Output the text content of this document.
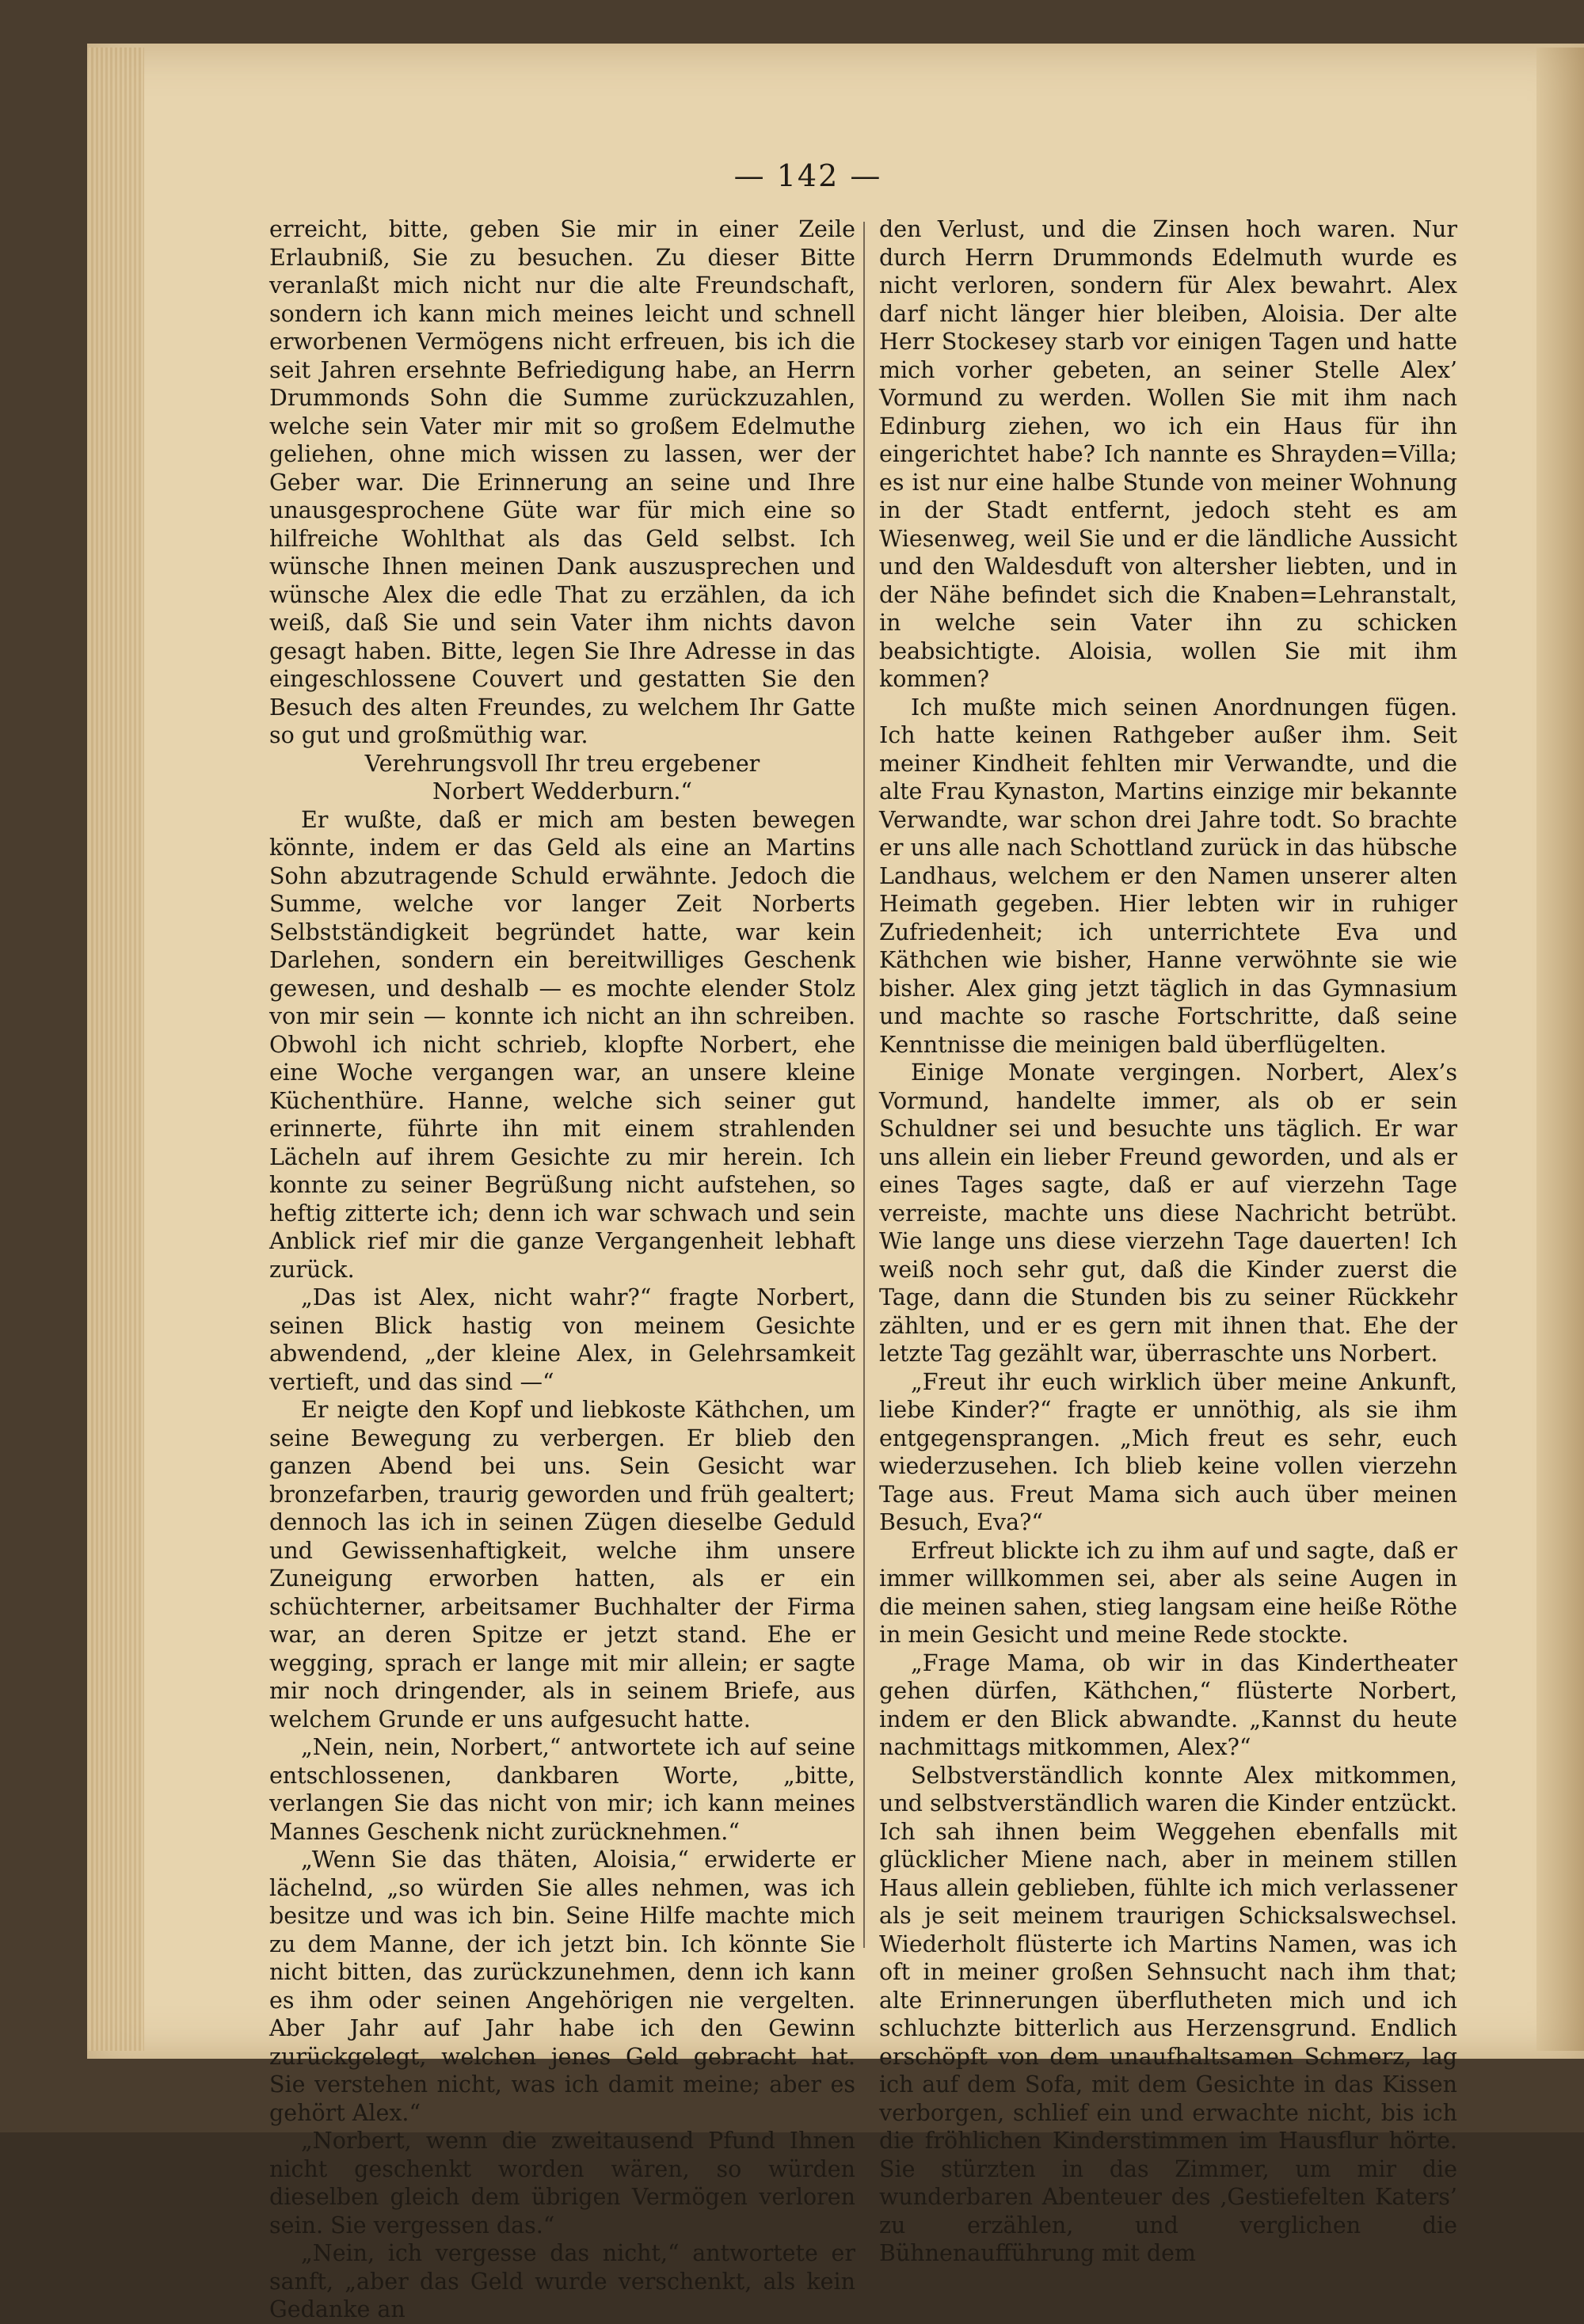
— 142 —

erreicht, bitte, geben Sie mir in einer Zeile Erlaubniß, Sie zu besuchen. Zu dieser Bitte veranlaßt mich nicht nur die alte Freundschaft, sondern ich kann mich meines leicht und schnell erworbenen Vermögens nicht erfreuen, bis ich die seit Jahren ersehnte Befriedigung habe, an Herrn Drummonds Sohn die Summe zurückzuzahlen, welche sein Vater mir mit so großem Edelmuthe geliehen, ohne mich wissen zu lassen, wer der Geber war. Die Erinnerung an seine und Ihre unausgesprochene Güte war für mich eine so hilfreiche Wohlthat als das Geld selbst. Ich wünsche Ihnen meinen Dank auszusprechen und wünsche Alex die edle That zu erzählen, da ich weiß, daß Sie und sein Vater ihm nichts davon gesagt haben. Bitte, legen Sie Ihre Adresse in das eingeschlossene Couvert und gestatten Sie den Besuch des alten Freundes, zu welchem Ihr Gatte so gut und großmüthig war.

Verehrungsvoll Ihr treu ergebener

Norbert Wedderburn.“

Er wußte, daß er mich am besten bewegen könnte, indem er das Geld als eine an Martins Sohn abzutragende Schuld erwähnte. Jedoch die Summe, welche vor langer Zeit Norberts Selbstständigkeit begründet hatte, war kein Darlehen, sondern ein bereitwilliges Geschenk gewesen, und deshalb — es mochte elender Stolz von mir sein — konnte ich nicht an ihn schreiben. Obwohl ich nicht schrieb, klopfte Norbert, ehe eine Woche vergangen war, an unsere kleine Küchenthüre. Hanne, welche sich seiner gut erinnerte, führte ihn mit einem strahlenden Lächeln auf ihrem Gesichte zu mir herein. Ich konnte zu seiner Begrüßung nicht aufstehen, so heftig zitterte ich; denn ich war schwach und sein Anblick rief mir die ganze Vergangenheit lebhaft zurück.

„Das ist Alex, nicht wahr?“ fragte Norbert, seinen Blick hastig von meinem Gesichte abwendend, „der kleine Alex, in Gelehrsamkeit vertieft, und das sind —“

Er neigte den Kopf und liebkoste Käthchen, um seine Bewegung zu verbergen. Er blieb den ganzen Abend bei uns. Sein Gesicht war bronzefarben, traurig geworden und früh gealtert; dennoch las ich in seinen Zügen dieselbe Geduld und Gewissenhaftigkeit, welche ihm unsere Zuneigung erworben hatten, als er ein schüchterner, arbeitsamer Buchhalter der Firma war, an deren Spitze er jetzt stand. Ehe er wegging, sprach er lange mit mir allein; er sagte mir noch dringender, als in seinem Briefe, aus welchem Grunde er uns aufgesucht hatte.

„Nein, nein, Norbert,“ antwortete ich auf seine entschlossenen, dankbaren Worte, „bitte, verlangen Sie das nicht von mir; ich kann meines Mannes Geschenk nicht zurücknehmen.“

„Wenn Sie das thäten, Aloisia,“ erwiderte er lächelnd, „so würden Sie alles nehmen, was ich besitze und was ich bin. Seine Hilfe machte mich zu dem Manne, der ich jetzt bin. Ich könnte Sie nicht bitten, das zurückzunehmen, denn ich kann es ihm oder seinen Angehörigen nie vergelten. Aber Jahr auf Jahr habe ich den Gewinn zurückgelegt, welchen jenes Geld gebracht hat. Sie verstehen nicht, was ich damit meine; aber es gehört Alex.“

„Norbert, wenn die zweitausend Pfund Ihnen nicht geschenkt worden wären, so würden dieselben gleich dem übrigen Vermögen verloren sein. Sie vergessen das.“

„Nein, ich vergesse das nicht,“ antwortete er sanft, „aber das Geld wurde verschenkt, als kein Gedanke an

den Verlust, und die Zinsen hoch waren. Nur durch Herrn Drummonds Edelmuth wurde es nicht verloren, sondern für Alex bewahrt. Alex darf nicht länger hier bleiben, Aloisia. Der alte Herr Stockesey starb vor einigen Tagen und hatte mich vorher gebeten, an seiner Stelle Alex’ Vormund zu werden. Wollen Sie mit ihm nach Edinburg ziehen, wo ich ein Haus für ihn eingerichtet habe? Ich nannte es Shrayden=Villa; es ist nur eine halbe Stunde von meiner Wohnung in der Stadt entfernt, jedoch steht es am Wiesenweg, weil Sie und er die ländliche Aussicht und den Waldesduft von altersher liebten, und in der Nähe befindet sich die Knaben=Lehranstalt, in welche sein Vater ihn zu schicken beabsichtigte. Aloisia, wollen Sie mit ihm kommen?

Ich mußte mich seinen Anordnungen fügen. Ich hatte keinen Rathgeber außer ihm. Seit meiner Kindheit fehlten mir Verwandte, und die alte Frau Kynaston, Martins einzige mir bekannte Verwandte, war schon drei Jahre todt. So brachte er uns alle nach Schottland zurück in das hübsche Landhaus, welchem er den Namen unserer alten Heimath gegeben. Hier lebten wir in ruhiger Zufriedenheit; ich unterrichtete Eva und Käthchen wie bisher, Hanne verwöhnte sie wie bisher. Alex ging jetzt täglich in das Gymnasium und machte so rasche Fortschritte, daß seine Kenntnisse die meinigen bald überflügelten.

Einige Monate vergingen. Norbert, Alex’s Vormund, handelte immer, als ob er sein Schuldner sei und besuchte uns täglich. Er war uns allein ein lieber Freund geworden, und als er eines Tages sagte, daß er auf vierzehn Tage verreiste, machte uns diese Nachricht betrübt. Wie lange uns diese vierzehn Tage dauerten! Ich weiß noch sehr gut, daß die Kinder zuerst die Tage, dann die Stunden bis zu seiner Rückkehr zählten, und er es gern mit ihnen that. Ehe der letzte Tag gezählt war, überraschte uns Norbert.

„Freut ihr euch wirklich über meine Ankunft, liebe Kinder?“ fragte er unnöthig, als sie ihm entgegensprangen. „Mich freut es sehr, euch wiederzusehen. Ich blieb keine vollen vierzehn Tage aus. Freut Mama sich auch über meinen Besuch, Eva?“

Erfreut blickte ich zu ihm auf und sagte, daß er immer willkommen sei, aber als seine Augen in die meinen sahen, stieg langsam eine heiße Röthe in mein Gesicht und meine Rede stockte.

„Frage Mama, ob wir in das Kindertheater gehen dürfen, Käthchen,“ flüsterte Norbert, indem er den Blick abwandte. „Kannst du heute nachmittags mitkommen, Alex?“

Selbstverständlich konnte Alex mitkommen, und selbstverständlich waren die Kinder entzückt. Ich sah ihnen beim Weggehen ebenfalls mit glücklicher Miene nach, aber in meinem stillen Haus allein geblieben, fühlte ich mich verlassener als je seit meinem traurigen Schicksalswechsel. Wiederholt flüsterte ich Martins Namen, was ich oft in meiner großen Sehnsucht nach ihm that; alte Erinnerungen überflutheten mich und ich schluchzte bitterlich aus Herzensgrund. Endlich erschöpft von dem unaufhaltsamen Schmerz, lag ich auf dem Sofa, mit dem Gesichte in das Kissen verborgen, schlief ein und erwachte nicht, bis ich die fröhlichen Kinderstimmen im Hausflur hörte. Sie stürzten in das Zimmer, um mir die wunderbaren Abenteuer des ‚Gestiefelten Katers’ zu erzählen, und verglichen die Bühnenaufführung mit dem
